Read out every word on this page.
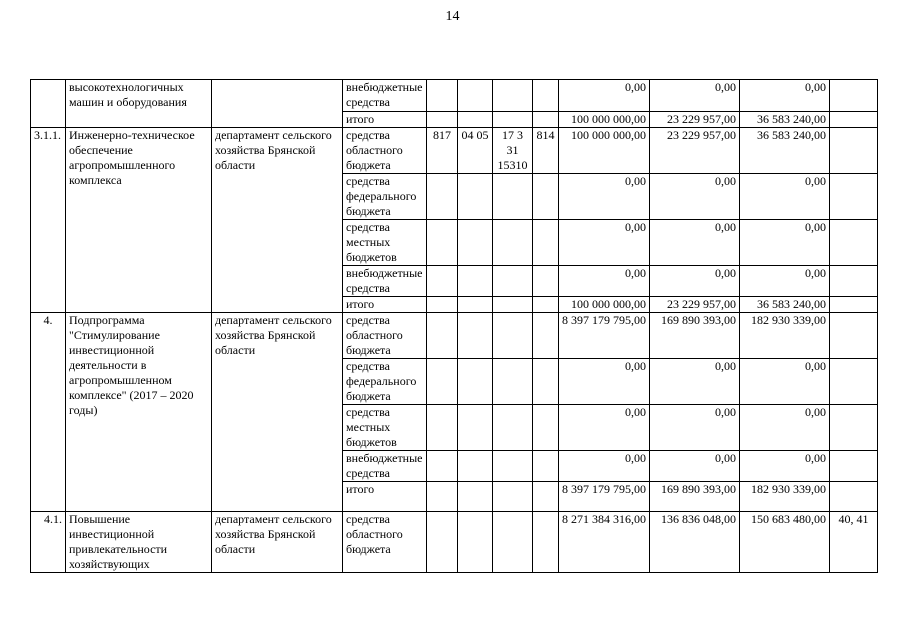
14
	высокотехнологичных машин и оборудования		внебюджетные средства					0,00	0,00	0,00	
			итого					100 000 000,00	23 229 957,00	36 583 240,00	
3.1.1.	Инженерно-техническое обеспечение агропромышленного комплекса	департамент сельского хозяйства Брянской области	средства областного бюджета	817	04 05	17 3 31 15310	814	100 000 000,00	23 229 957,00	36 583 240,00	
			средства федерального бюджета					0,00	0,00	0,00	
			средства местных бюджетов					0,00	0,00	0,00	
			внебюджетные средства					0,00	0,00	0,00	
			итого					100 000 000,00	23 229 957,00	36 583 240,00	
4.	Подпрограмма "Стимулирование инвестиционной деятельности в агропромышленном комплексе" (2017 – 2020 годы)	департамент сельского хозяйства Брянской области	средства областного бюджета					8 397 179 795,00	169 890 393,00	182 930 339,00	
			средства федерального бюджета					0,00	0,00	0,00	
			средства местных бюджетов					0,00	0,00	0,00	
			внебюджетные средства					0,00	0,00	0,00	
			итого					8 397 179 795,00	169 890 393,00	182 930 339,00	
4.1.	Повышение инвестиционной привлекательности хозяйствующих	департамент сельского хозяйства Брянской области	средства областного бюджета					8 271 384 316,00	136 836 048,00	150 683 480,00	40, 41
